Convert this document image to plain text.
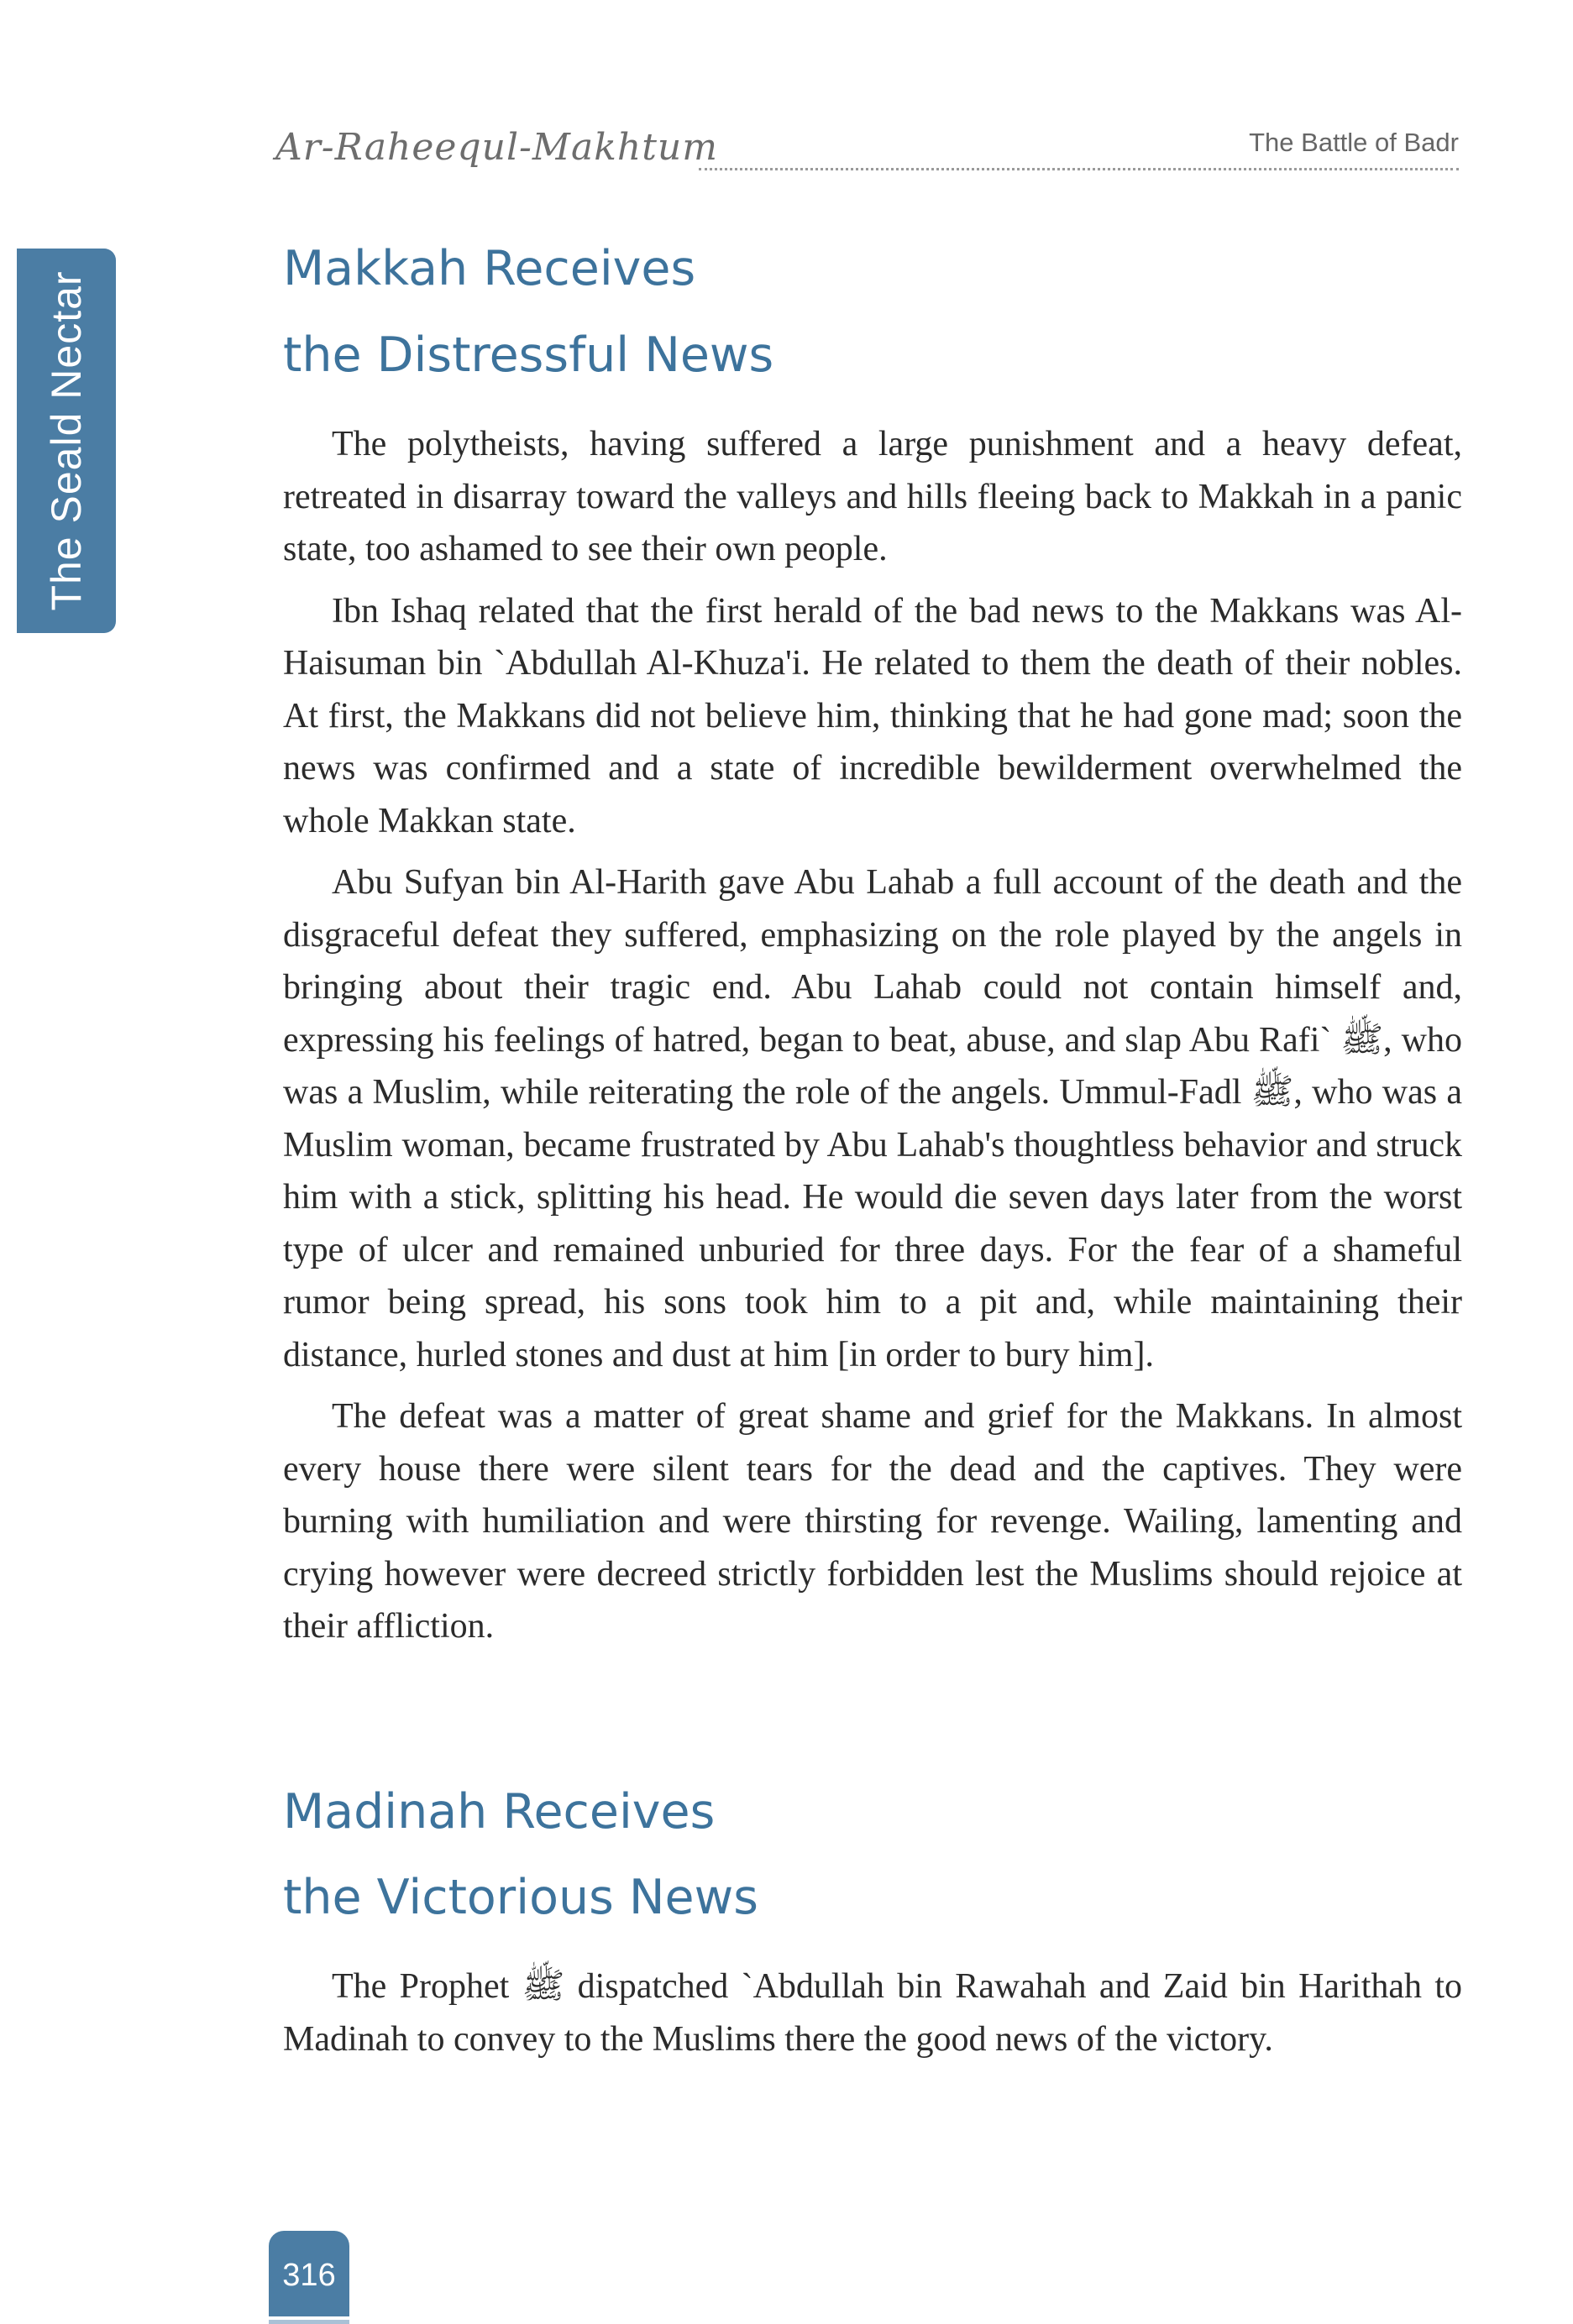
The Seald Nectar
Ar-Raheequl-Makhtum	The Battle of Badr
Makkah Receives
the Distressful News

The polytheists, having suffered a large punishment and a heavy defeat, retreated in disarray toward the valleys and hills fleeing back to Makkah in a panic state, too ashamed to see their own people.

Ibn Ishaq related that the first herald of the bad news to the Makkans was Al-Haisuman bin `Abdullah Al-Khuza'i. He related to them the death of their nobles. At first, the Makkans did not believe him, thinking that he had gone mad; soon the news was confirmed and a state of incredible bewilderment overwhelmed the whole Makkan state.

Abu Sufyan bin Al-Harith gave Abu Lahab a full account of the death and the disgraceful defeat they suffered, emphasizing on the role played by the angels in bringing about their tragic end. Abu Lahab could not contain himself and, expressing his feelings of hatred, began to beat, abuse, and slap Abu Rafi` ﷺ, who was a Muslim, while reiterating the role of the angels. Ummul-Fadl ﷺ, who was a Muslim woman, became frustrated by Abu Lahab's thoughtless behavior and struck him with a stick, splitting his head. He would die seven days later from the worst type of ulcer and remained unburied for three days. For the fear of a shameful rumor being spread, his sons took him to a pit and, while maintaining their distance, hurled stones and dust at him [in order to bury him].

The defeat was a matter of great shame and grief for the Makkans. In almost every house there were silent tears for the dead and the captives. They were burning with humiliation and were thirsting for revenge. Wailing, lamenting and crying however were decreed strictly forbidden lest the Muslims should rejoice at their affliction.

Madinah Receives
the Victorious News

The Prophet ﷺ dispatched `Abdullah bin Rawahah and Zaid bin Harithah to Madinah to convey to the Muslims there the good news of the victory.

316
